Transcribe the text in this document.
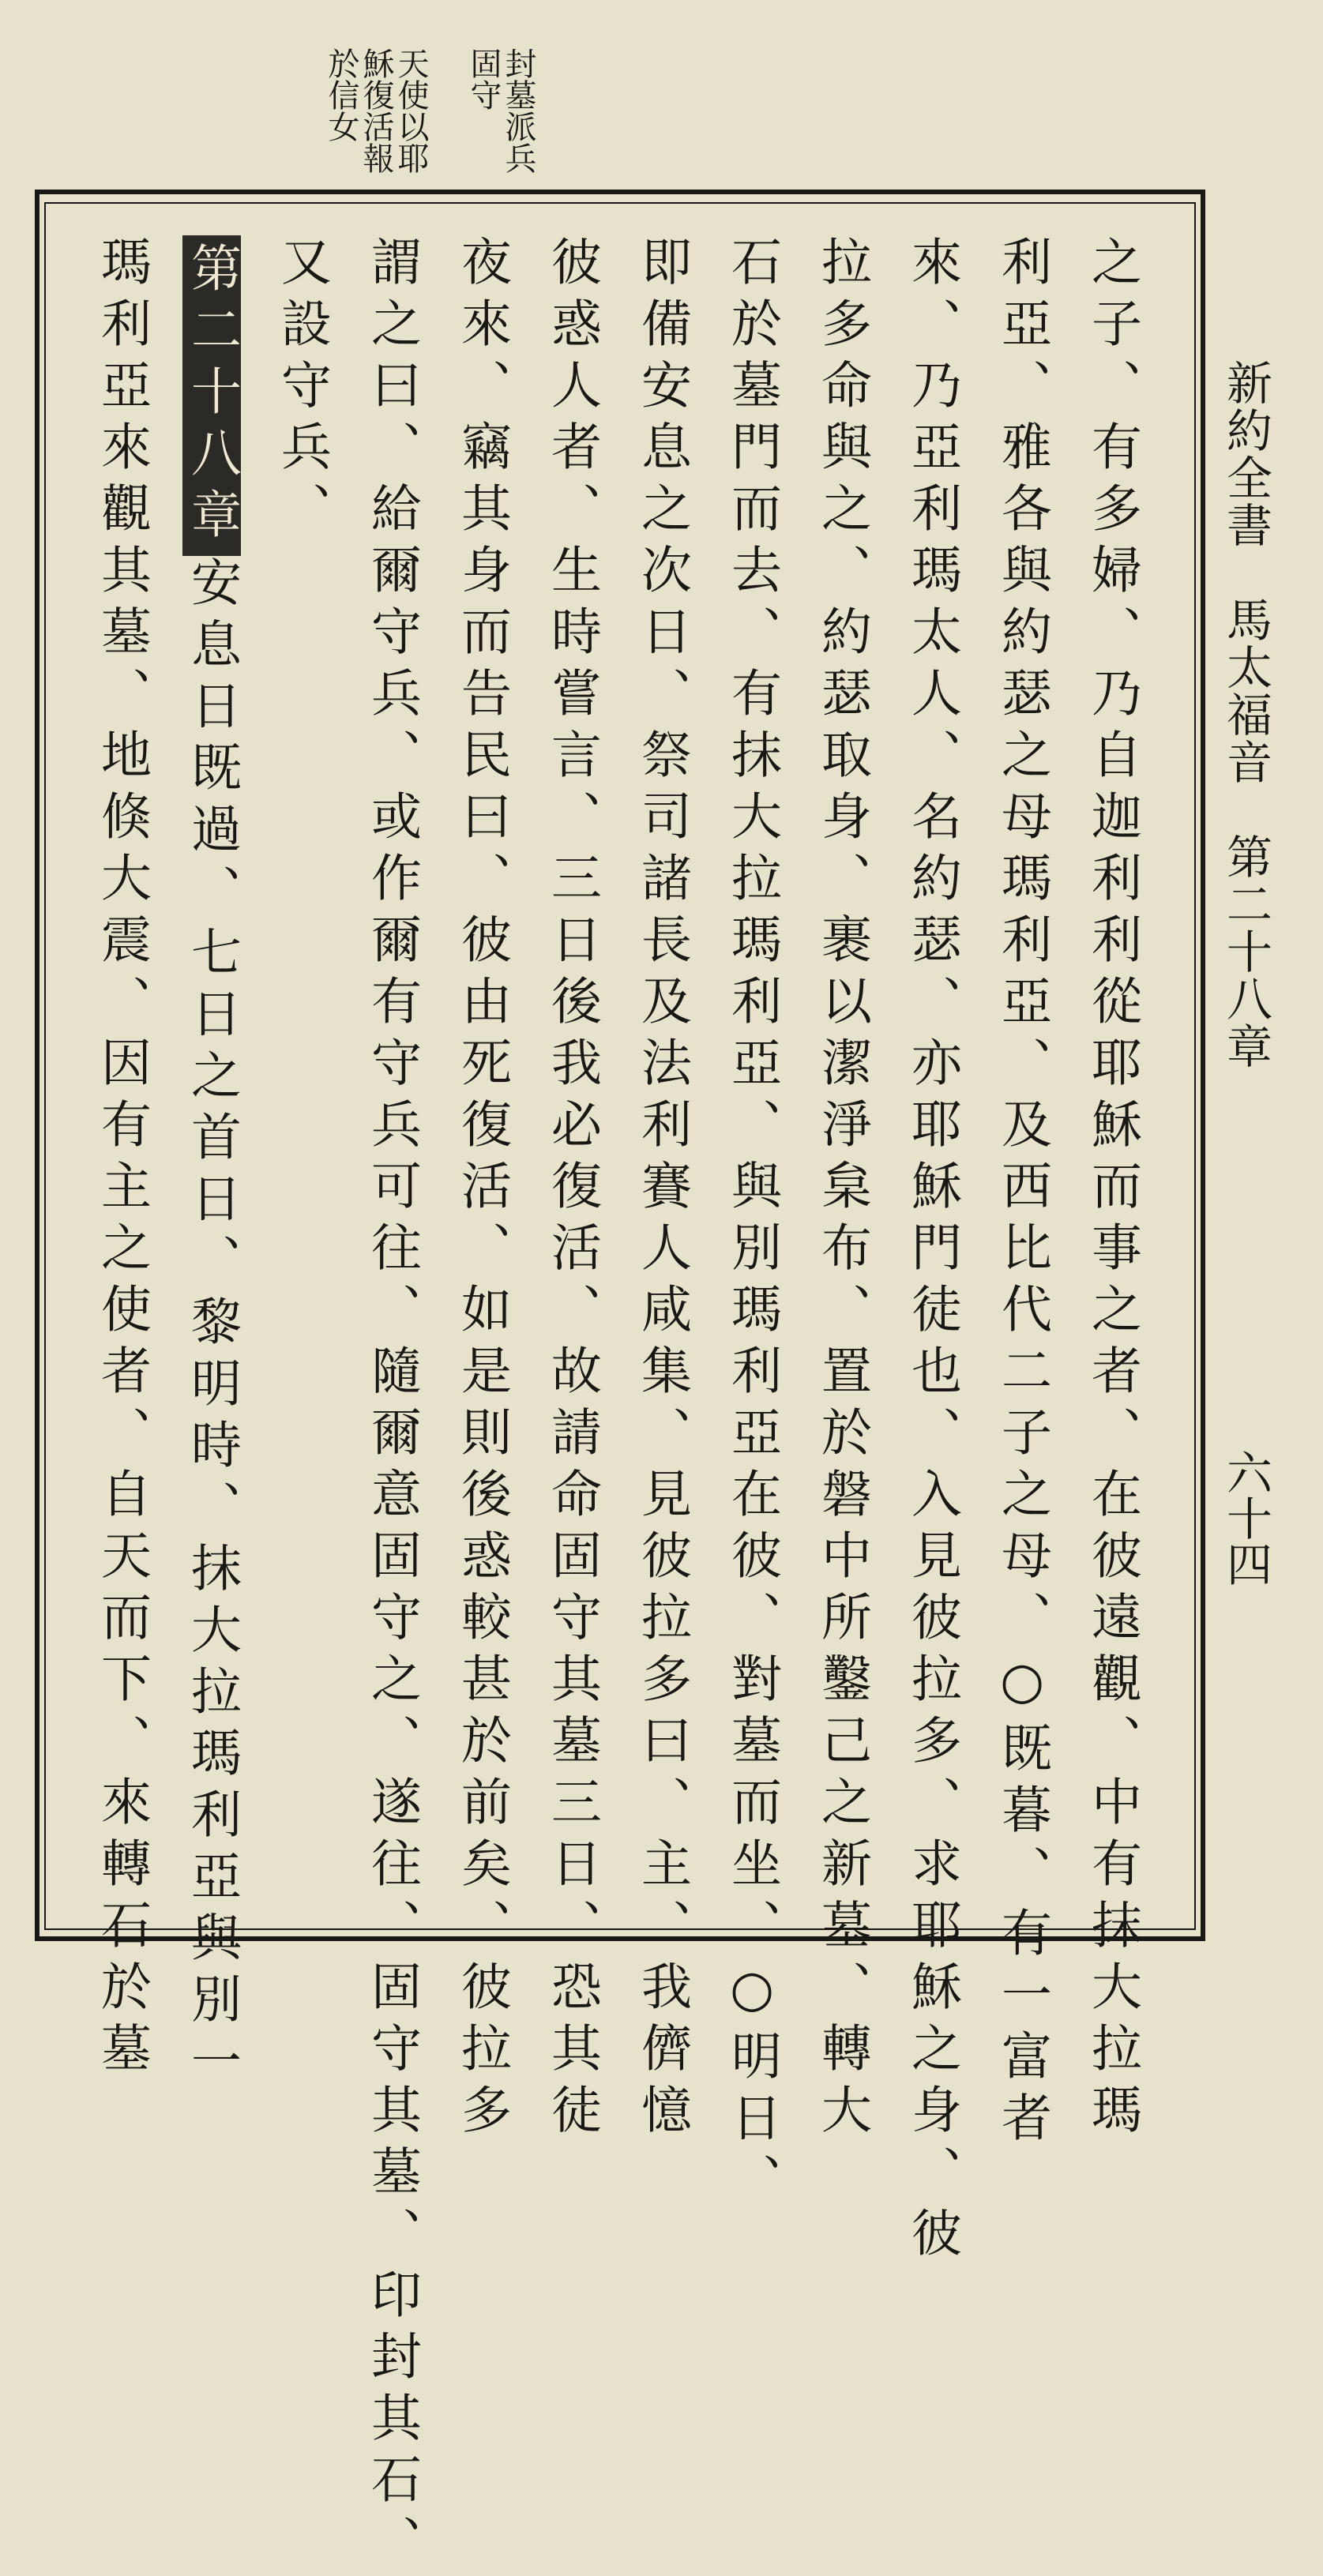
新約全書　馬太福音　第二十八章
六十四
封墓派兵
固守
天使以耶
穌復活報
於信女
之子、有多婦、乃自迦利利從耶穌而事之者、在彼遠觀、中有抹大拉瑪
利亞、雅各與約瑟之母瑪利亞、及西比代二子之母、○既暮、有一富者
來、乃亞利瑪太人、名約瑟、亦耶穌門徒也、入見彼拉多、求耶穌之身、彼
拉多命與之、約瑟取身、裹以潔淨枲布、置於磐中所鑿己之新墓、轉大
石於墓門而去、有抹大拉瑪利亞、與別瑪利亞在彼、對墓而坐、○明日、
即備安息之次日、祭司諸長及法利賽人咸集、見彼拉多曰、主、我儕憶
彼惑人者、生時嘗言、三日後我必復活、故請命固守其墓三日、恐其徒
夜來、竊其身而告民曰、彼由死復活、如是則後惑較甚於前矣、彼拉多
謂之曰、給爾守兵、或作爾有守兵可往、隨爾意固守之、遂往、固守其墓、印封其石、
又設守兵、
第二十八章安息日既過、七日之首日、黎明時、抹大拉瑪利亞與別一
瑪利亞來觀其墓、地倏大震、因有主之使者、自天而下、來轉石於墓
